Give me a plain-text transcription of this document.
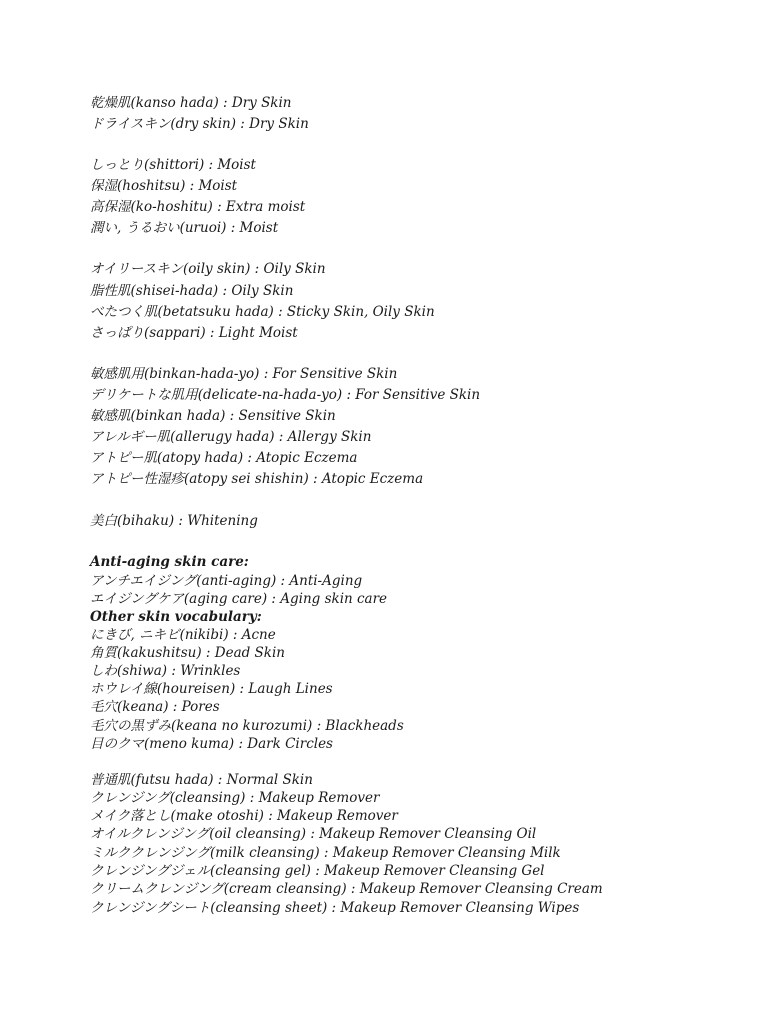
乾燥肌(kanso hada) : Dry Skin
ドライスキン(dry skin) : Dry Skin
しっとり(shittori) : Moist
保湿(hoshitsu) : Moist
高保湿(ko-hoshitu) : Extra moist
潤い, うるおい(uruoi) : Moist
オイリースキン(oily skin) : Oily Skin
脂性肌(shisei-hada) : Oily Skin
べたつく肌(betatsuku hada) : Sticky Skin, Oily Skin
さっぱり(sappari) : Light Moist
敏感肌用(binkan-hada-yo) : For Sensitive Skin
デリケートな肌用(delicate-na-hada-yo) : For Sensitive Skin
敏感肌(binkan hada) : Sensitive Skin
アレルギー肌(allerugy hada) : Allergy Skin
アトピー肌(atopy hada) : Atopic Eczema
アトピー性湿疹(atopy sei shishin) : Atopic Eczema
美白(bihaku) : Whitening
Anti-aging skin care:
アンチエイジング(anti-aging) : Anti-Aging
エイジングケア(aging care) : Aging skin care
Other skin vocabulary:
にきび, ニキビ(nikibi) : Acne
角質(kakushitsu) : Dead Skin
しわ(shiwa) : Wrinkles
ホウレイ線(houreisen) : Laugh Lines
毛穴(keana) : Pores
毛穴の黒ずみ(keana no kurozumi) : Blackheads
目のクマ(meno kuma) : Dark Circles
普通肌(futsu hada) : Normal Skin
クレンジング(cleansing) : Makeup Remover
メイク落とし(make otoshi) : Makeup Remover
オイルクレンジング(oil cleansing) : Makeup Remover Cleansing Oil
ミルククレンジング(milk cleansing) : Makeup Remover Cleansing Milk
クレンジングジェル(cleansing gel) : Makeup Remover Cleansing Gel
クリームクレンジング(cream cleansing) : Makeup Remover Cleansing Cream
クレンジングシート(cleansing sheet) : Makeup Remover Cleansing Wipes
